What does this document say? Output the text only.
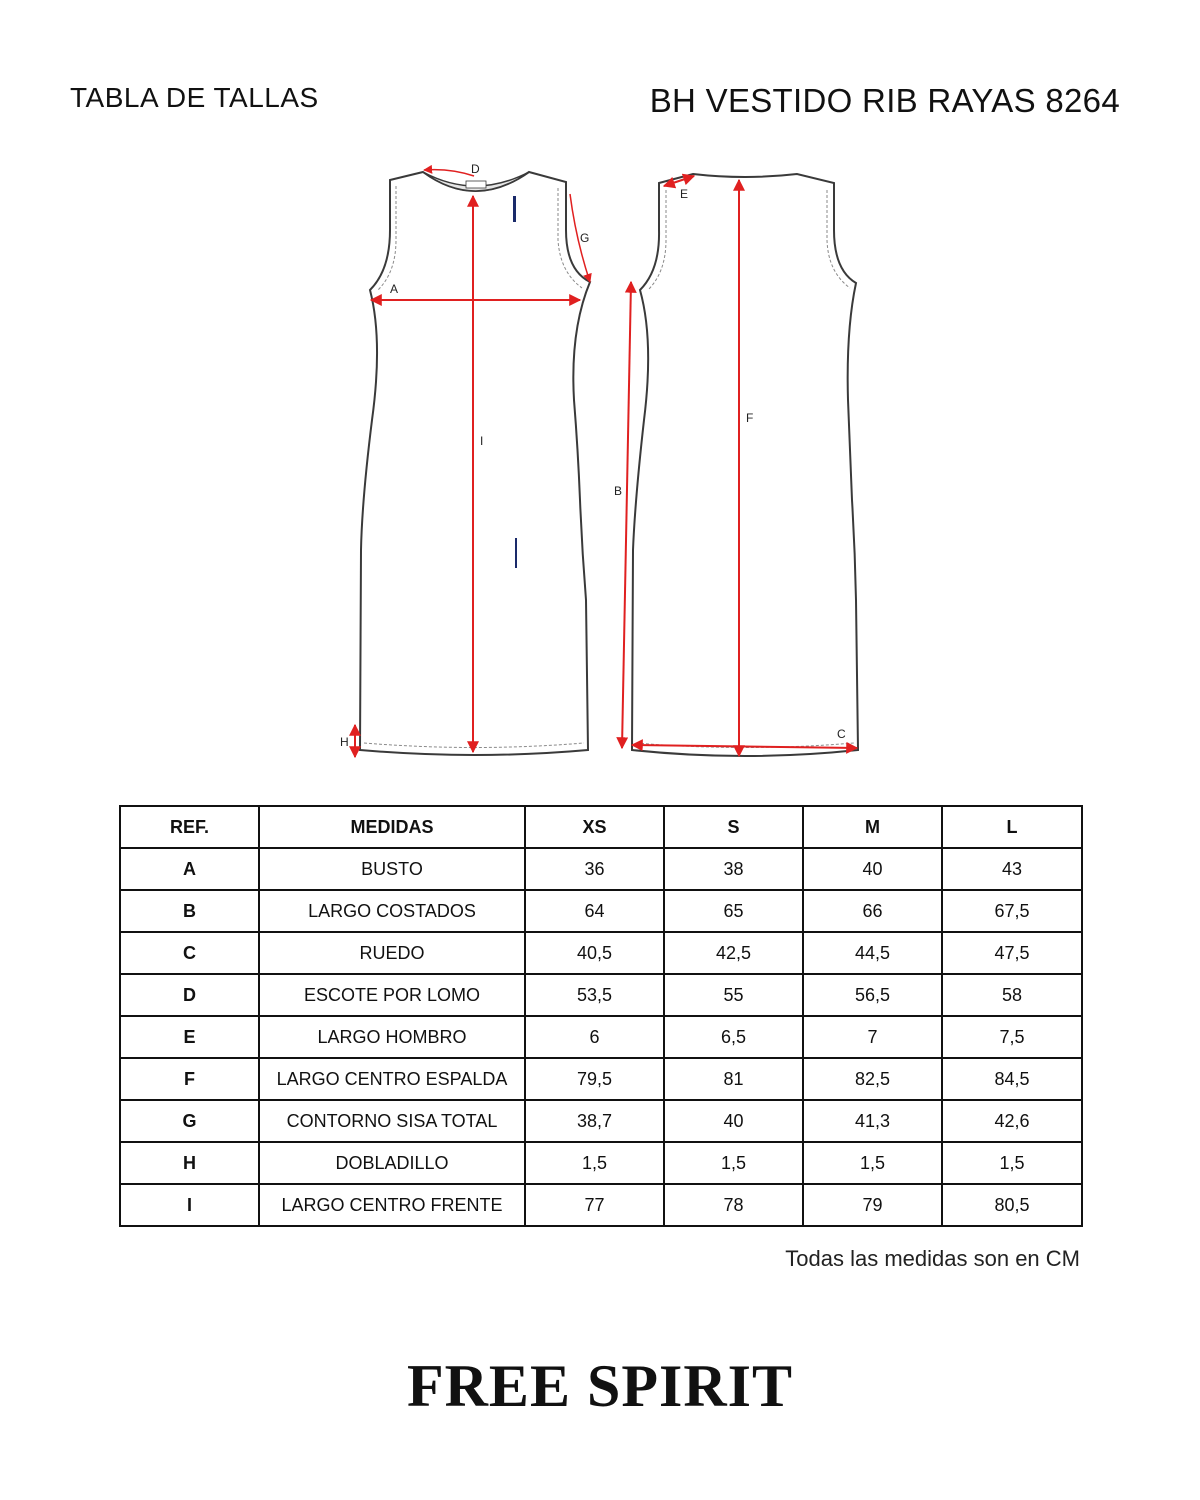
TABLA DE TALLAS	BH VESTIDO RIB RAYAS 8264
A
D
G
I
H
E
F
B
C
REF.	MEDIDAS	XS	S	M	L
A	BUSTO	36	38	40	43
B	LARGO COSTADOS	64	65	66	67,5
C	RUEDO	40,5	42,5	44,5	47,5
D	ESCOTE POR LOMO	53,5	55	56,5	58
E	LARGO HOMBRO	6	6,5	7	7,5
F	LARGO CENTRO ESPALDA	79,5	81	82,5	84,5
G	CONTORNO SISA TOTAL	38,7	40	41,3	42,6
H	DOBLADILLO	1,5	1,5	1,5	1,5
I	LARGO CENTRO FRENTE	77	78	79	80,5
Todas las medidas son en CM
FREE SPIRIT
